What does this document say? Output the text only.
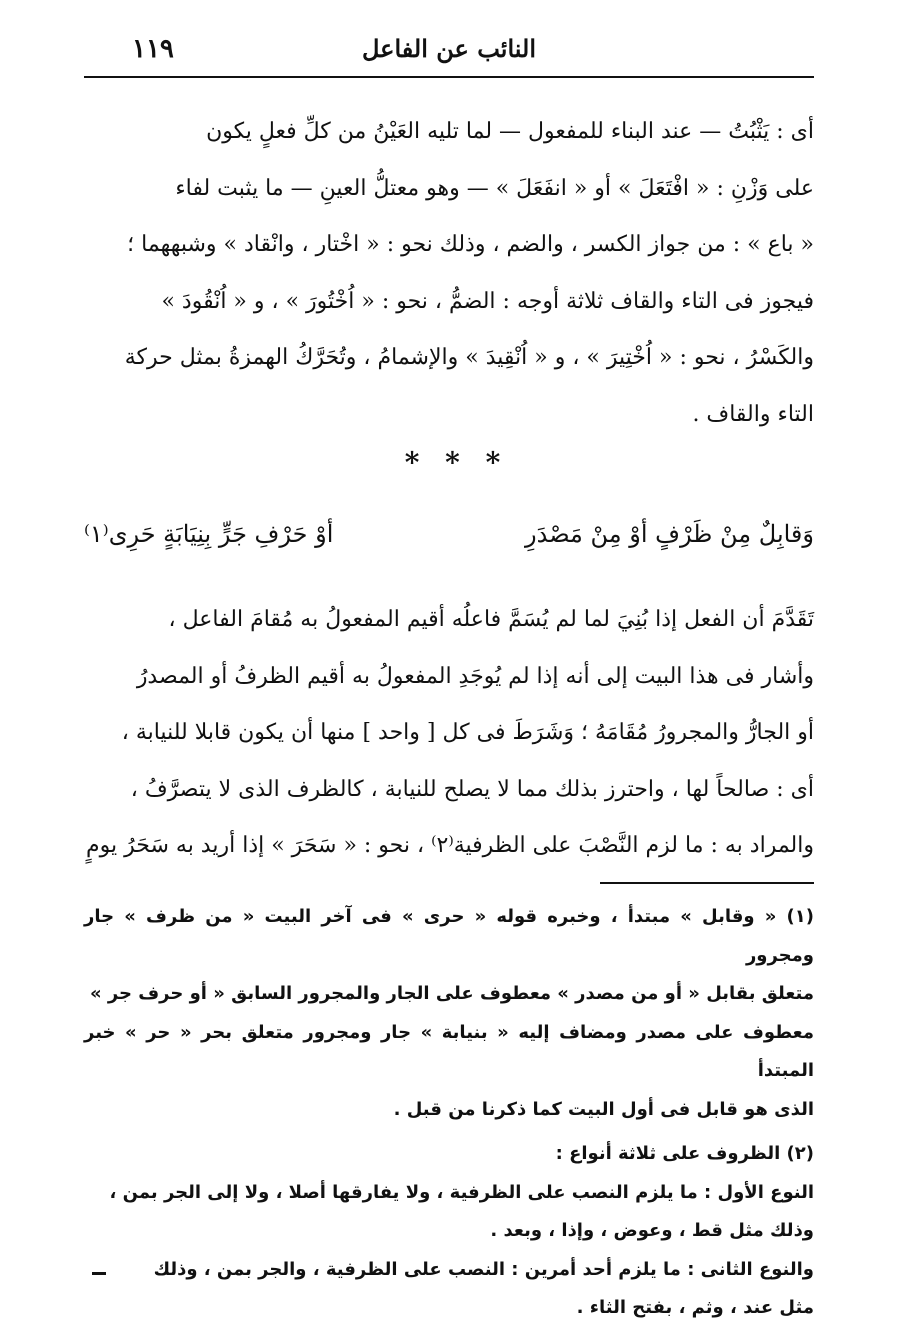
١١٩	النائب عن الفاعل

أى : يَثْبُتُ — عند البناء للمفعول — لما تليه العَيْنُ من كلِّ فعلٍ يكون

على وَزْنِ : « افْتَعَلَ » أو « انفَعَلَ » — وهو معتلُّ العينِ — ما يثبت لفاء

« باع » : من جواز الكسر ، والضم ، وذلك نحو : « اخْتار ، وانْقاد » وشبههما ؛

فيجوز فى التاء والقاف ثلاثة أوجه : الضمُّ ، نحو : « اُخْتُورَ » ، و « اُنْقُودَ »

والكَسْرُ ، نحو : « اُخْتِيرَ » ، و « اُنْقِيدَ » والإشمامُ ، وتُحَرَّكُ الهمزةُ بمثل حركة

التاء والقاف .

* * *
وَقابِلٌ مِنْ ظَرْفٍ أوْ مِنْ مَصْدَرِ
أوْ حَرْفِ جَرٍّ بِنِيَابَةٍ حَرِى⁽١⁾

تَقَدَّمَ أن الفعل إذا بُنِيَ لما لم يُسَمَّ فاعلُه أقيم المفعولُ به مُقامَ الفاعل ،

وأشار فى هذا البيت إلى أنه إذا لم يُوجَدِ المفعولُ به أقيم الظرفُ أو المصدرُ

أو الجارُّ والمجرورُ مُقَامَهُ ؛ وَشَرَطَ فى كل [ واحد ] منها أن يكون قابلا للنيابة ،

أى : صالحاً لها ، واحترز بذلك مما لا يصلح للنيابة ، كالظرف الذى لا يتصرَّفُ ،

والمراد به : ما لزم النَّصْبَ على الظرفية⁽٢⁾ ، نحو : « سَحَرَ » إذا أريد به سَحَرُ يومٍ

(١) « وقابل » مبتدأ ، وخبره قوله « حرى » فى آخر البيت « من ظرف » جار ومجرور

متعلق بقابل « أو من مصدر » معطوف على الجار والمجرور السابق « أو حرف جر »

معطوف على مصدر ومضاف إليه « بنيابة » جار ومجرور متعلق بحر « حر » خبر المبتدأ

الذى هو قابل فى أول البيت كما ذكرنا من قبل .

(٢) الظروف على ثلاثة أنواع :

النوع الأول : ما يلزم النصب على الظرفية ، ولا يفارقها أصلا ، ولا إلى الجر بمن ،

وذلك مثل قط ، وعوض ، وإذا ، وبعد .

والنوع الثانى : ما يلزم أحد أمرين : النصب على الظرفية ، والجر بمن ، وذلك

مثل عند ، وثم ، بفتح الثاء .
